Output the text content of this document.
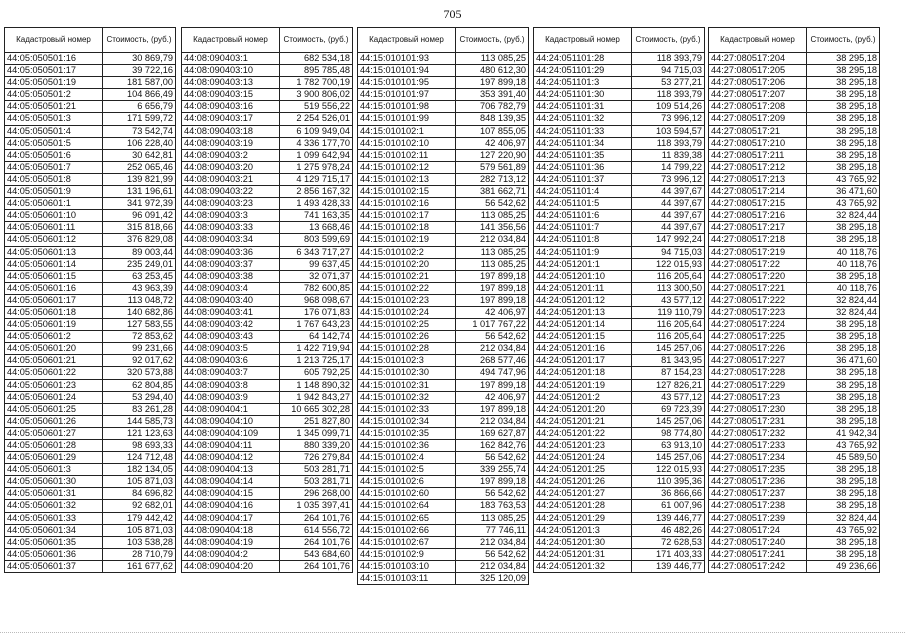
705
Кадастровый номер	Стоимость, (руб.)
44:05:050501:16	30 869,79
44:05:050501:17	39 722,16
44:05:050501:19	181 587,00
44:05:050501:2	104 866,49
44:05:050501:21	6 656,79
44:05:050501:3	171 599,72
44:05:050501:4	73 542,74
44:05:050501:5	106 228,40
44:05:050501:6	30 642,81
44:05:050501:7	252 065,46
44:05:050501:8	139 821,99
44:05:050501:9	131 196,61
44:05:050601:1	341 972,39
44:05:050601:10	96 091,42
44:05:050601:11	315 818,66
44:05:050601:12	376 829,08
44:05:050601:13	89 003,44
44:05:050601:14	235 249,01
44:05:050601:15	63 253,45
44:05:050601:16	43 963,39
44:05:050601:17	113 048,72
44:05:050601:18	140 682,86
44:05:050601:19	127 583,55
44:05:050601:2	72 853,62
44:05:050601:20	99 231,66
44:05:050601:21	92 017,62
44:05:050601:22	320 573,88
44:05:050601:23	62 804,85
44:05:050601:24	53 294,40
44:05:050601:25	83 261,28
44:05:050601:26	144 585,73
44:05:050601:27	121 123,63
44:05:050601:28	98 693,33
44:05:050601:29	124 712,48
44:05:050601:3	182 134,05
44:05:050601:30	105 871,03
44:05:050601:31	84 696,82
44:05:050601:32	92 682,01
44:05:050601:33	179 442,42
44:05:050601:34	105 871,03
44:05:050601:35	103 538,28
44:05:050601:36	28 710,79
44:05:050601:37	161 677,62
Кадастровый номер	Стоимость, (руб.)
44:08:090403:1	682 534,18
44:08:090403:10	895 785,48
44:08:090403:13	1 782 700,19
44:08:090403:15	3 900 806,02
44:08:090403:16	519 556,22
44:08:090403:17	2 254 526,01
44:08:090403:18	6 109 949,04
44:08:090403:19	4 336 177,70
44:08:090403:2	1 099 642,94
44:08:090403:20	1 275 978,24
44:08:090403:21	4 129 715,17
44:08:090403:22	2 856 167,32
44:08:090403:23	1 493 428,33
44:08:090403:3	741 163,35
44:08:090403:33	13 668,46
44:08:090403:34	803 599,69
44:08:090403:36	6 343 717,27
44:08:090403:37	99 637,45
44:08:090403:38	32 071,37
44:08:090403:4	782 600,85
44:08:090403:40	968 098,67
44:08:090403:41	176 071,83
44:08:090403:42	1 767 643,23
44:08:090403:43	64 142,74
44:08:090403:5	1 422 719,94
44:08:090403:6	1 213 725,17
44:08:090403:7	605 792,25
44:08:090403:8	1 148 890,32
44:08:090403:9	1 942 843,27
44:08:090404:1	10 665 302,28
44:08:090404:10	251 827,80
44:08:090404:109	1 345 099,71
44:08:090404:11	880 339,20
44:08:090404:12	726 279,84
44:08:090404:13	503 281,71
44:08:090404:14	503 281,71
44:08:090404:15	296 268,00
44:08:090404:16	1 035 397,41
44:08:090404:17	264 101,76
44:08:090404:18	614 556,72
44:08:090404:19	264 101,76
44:08:090404:2	543 684,60
44:08:090404:20	264 101,76
Кадастровый номер	Стоимость, (руб.)
44:15:010101:93	113 085,25
44:15:010101:94	480 612,30
44:15:010101:95	197 899,18
44:15:010101:97	353 391,40
44:15:010101:98	706 782,79
44:15:010101:99	848 139,35
44:15:010102:1	107 855,05
44:15:010102:10	42 406,97
44:15:010102:11	127 220,90
44:15:010102:12	579 561,89
44:15:010102:13	282 713,12
44:15:010102:15	381 662,71
44:15:010102:16	56 542,62
44:15:010102:17	113 085,25
44:15:010102:18	141 356,56
44:15:010102:19	212 034,84
44:15:010102:2	113 085,25
44:15:010102:20	113 085,25
44:15:010102:21	197 899,18
44:15:010102:22	197 899,18
44:15:010102:23	197 899,18
44:15:010102:24	42 406,97
44:15:010102:25	1 017 767,22
44:15:010102:26	56 542,62
44:15:010102:28	212 034,84
44:15:010102:3	268 577,46
44:15:010102:30	494 747,96
44:15:010102:31	197 899,18
44:15:010102:32	42 406,97
44:15:010102:33	197 899,18
44:15:010102:34	212 034,84
44:15:010102:35	169 627,87
44:15:010102:36	162 842,76
44:15:010102:4	56 542,62
44:15:010102:5	339 255,74
44:15:010102:6	197 899,18
44:15:010102:60	56 542,62
44:15:010102:64	183 763,53
44:15:010102:65	113 085,25
44:15:010102:66	77 746,11
44:15:010102:67	212 034,84
44:15:010102:9	56 542,62
44:15:010103:10	212 034,84
44:15:010103:11	325 120,09
Кадастровый номер	Стоимость, (руб.)
44:24:051101:28	118 393,79
44:24:051101:29	94 715,03
44:24:051101:3	53 277,21
44:24:051101:30	118 393,79
44:24:051101:31	109 514,26
44:24:051101:32	73 996,12
44:24:051101:33	103 594,57
44:24:051101:34	118 393,79
44:24:051101:35	11 839,38
44:24:051101:36	14 799,22
44:24:051101:37	73 996,12
44:24:051101:4	44 397,67
44:24:051101:5	44 397,67
44:24:051101:6	44 397,67
44:24:051101:7	44 397,67
44:24:051101:8	147 992,24
44:24:051101:9	94 715,03
44:24:051201:1	122 015,93
44:24:051201:10	116 205,64
44:24:051201:11	113 300,50
44:24:051201:12	43 577,12
44:24:051201:13	119 110,79
44:24:051201:14	116 205,64
44:24:051201:15	116 205,64
44:24:051201:16	145 257,06
44:24:051201:17	81 343,95
44:24:051201:18	87 154,23
44:24:051201:19	127 826,21
44:24:051201:2	43 577,12
44:24:051201:20	69 723,39
44:24:051201:21	145 257,06
44:24:051201:22	98 774,80
44:24:051201:23	63 913,10
44:24:051201:24	145 257,06
44:24:051201:25	122 015,93
44:24:051201:26	110 395,36
44:24:051201:27	36 866,66
44:24:051201:28	61 007,96
44:24:051201:29	139 446,77
44:24:051201:3	46 482,26
44:24:051201:30	72 628,53
44:24:051201:31	171 403,33
44:24:051201:32	139 446,77
Кадастровый номер	Стоимость, (руб.)
44:27:080517:204	38 295,18
44:27:080517:205	38 295,18
44:27:080517:206	38 295,18
44:27:080517:207	38 295,18
44:27:080517:208	38 295,18
44:27:080517:209	38 295,18
44:27:080517:21	38 295,18
44:27:080517:210	38 295,18
44:27:080517:211	38 295,18
44:27:080517:212	38 295,18
44:27:080517:213	43 765,92
44:27:080517:214	36 471,60
44:27:080517:215	43 765,92
44:27:080517:216	32 824,44
44:27:080517:217	38 295,18
44:27:080517:218	38 295,18
44:27:080517:219	40 118,76
44:27:080517:22	40 118,76
44:27:080517:220	38 295,18
44:27:080517:221	40 118,76
44:27:080517:222	32 824,44
44:27:080517:223	32 824,44
44:27:080517:224	38 295,18
44:27:080517:225	38 295,18
44:27:080517:226	38 295,18
44:27:080517:227	36 471,60
44:27:080517:228	38 295,18
44:27:080517:229	38 295,18
44:27:080517:23	38 295,18
44:27:080517:230	38 295,18
44:27:080517:231	38 295,18
44:27:080517:232	41 942,34
44:27:080517:233	43 765,92
44:27:080517:234	45 589,50
44:27:080517:235	38 295,18
44:27:080517:236	38 295,18
44:27:080517:237	38 295,18
44:27:080517:238	38 295,18
44:27:080517:239	32 824,44
44:27:080517:24	43 765,92
44:27:080517:240	38 295,18
44:27:080517:241	38 295,18
44:27:080517:242	49 236,66
